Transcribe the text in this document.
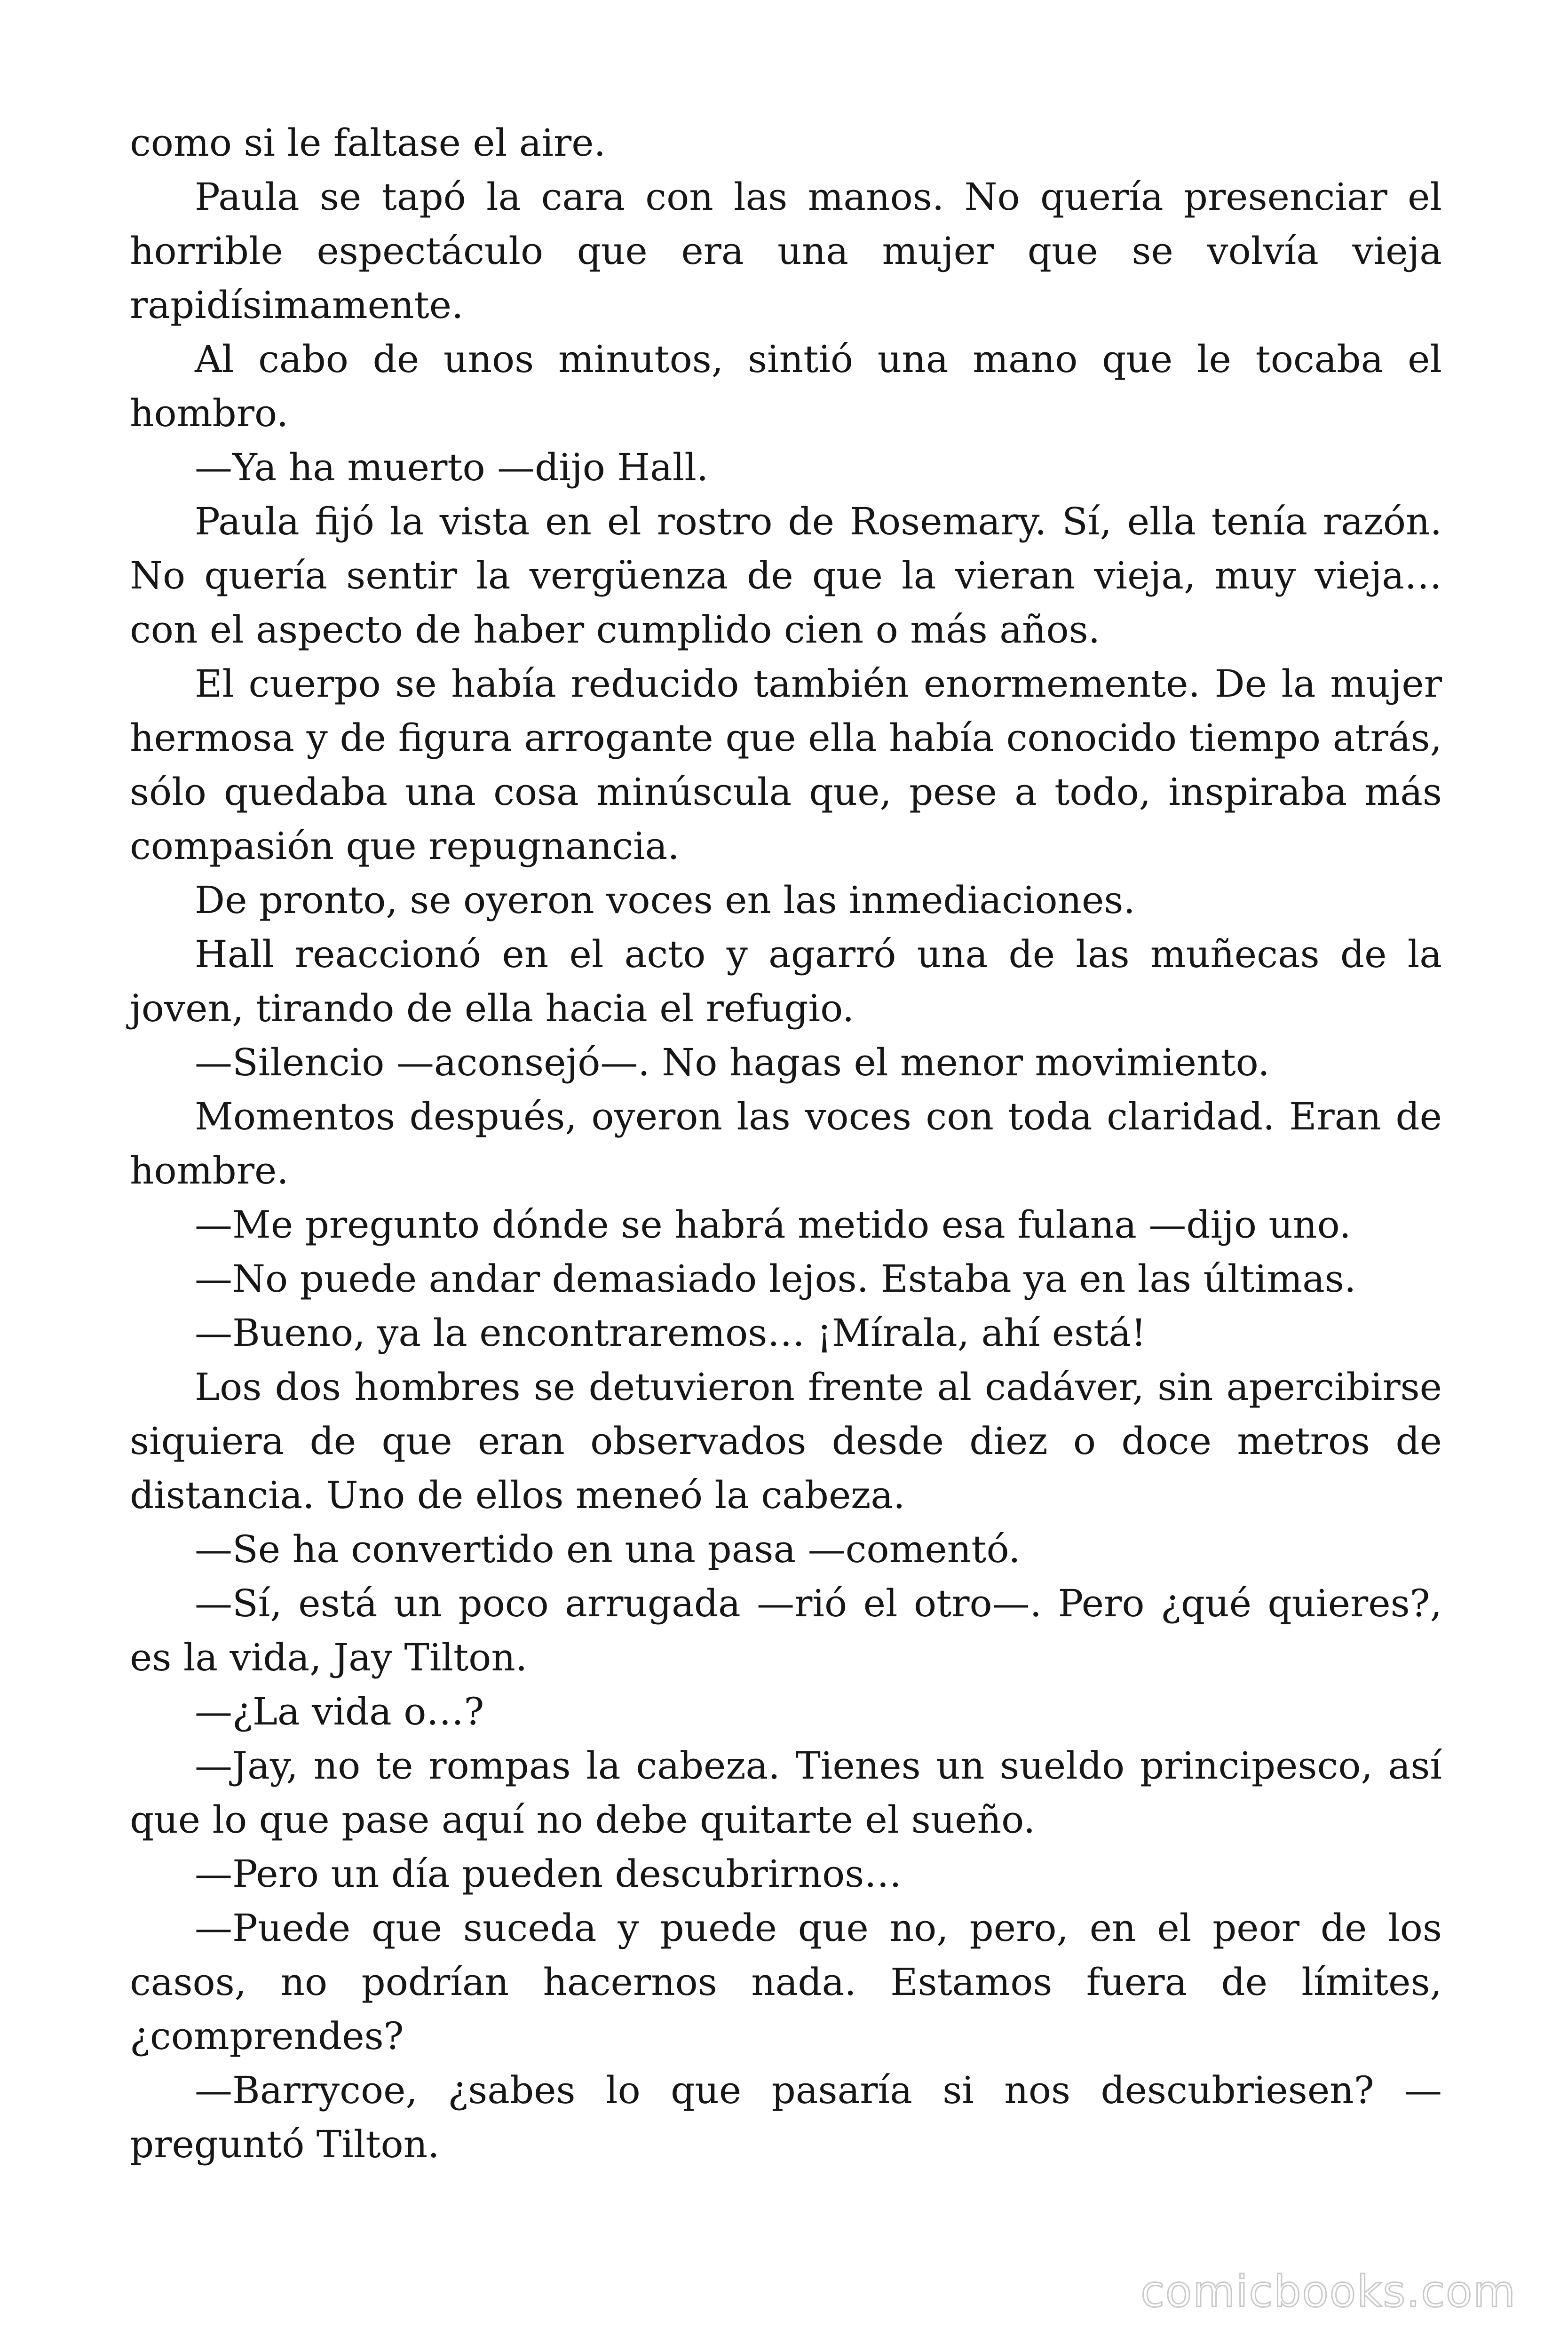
como si le faltase el aire.

Paula se tapó la cara con las manos. No quería presenciar el horrible espectáculo que era una mujer que se volvía vieja rapidísimamente.

Al cabo de unos minutos, sintió una mano que le tocaba el hombro.

—Ya ha muerto —dijo Hall.

Paula fijó la vista en el rostro de Rosemary. Sí, ella tenía razón. No quería sentir la vergüenza de que la vieran vieja, muy vieja… con el aspecto de haber cumplido cien o más años.

El cuerpo se había reducido también enormemente. De la mujer hermosa y de figura arrogante que ella había conocido tiempo atrás, sólo quedaba una cosa minúscula que, pese a todo, inspiraba más compasión que repugnancia.

De pronto, se oyeron voces en las inmediaciones.

Hall reaccionó en el acto y agarró una de las muñecas de la joven, tirando de ella hacia el refugio.

—Silencio —aconsejó—. No hagas el menor movimiento.

Momentos después, oyeron las voces con toda claridad. Eran de hombre.

—Me pregunto dónde se habrá metido esa fulana —dijo uno.

—No puede andar demasiado lejos. Estaba ya en las últimas.

—Bueno, ya la encontraremos… ¡Mírala, ahí está!

Los dos hombres se detuvieron frente al cadáver, sin apercibirse siquiera de que eran observados desde diez o doce metros de distancia. Uno de ellos meneó la cabeza.

—Se ha convertido en una pasa —comentó.

—Sí, está un poco arrugada —rió el otro—. Pero ¿qué quieres?, es la vida, Jay Tilton.

—¿La vida o…?

—Jay, no te rompas la cabeza. Tienes un sueldo principesco, así que lo que pase aquí no debe quitarte el sueño.

—Pero un día pueden descubrirnos…

—Puede que suceda y puede que no, pero, en el peor de los casos, no podrían hacernos nada. Estamos fuera de límites, ¿comprendes?

—Barrycoe, ¿sabes lo que pasaría si nos descubriesen? — preguntó Tilton.

comicbooks.com
